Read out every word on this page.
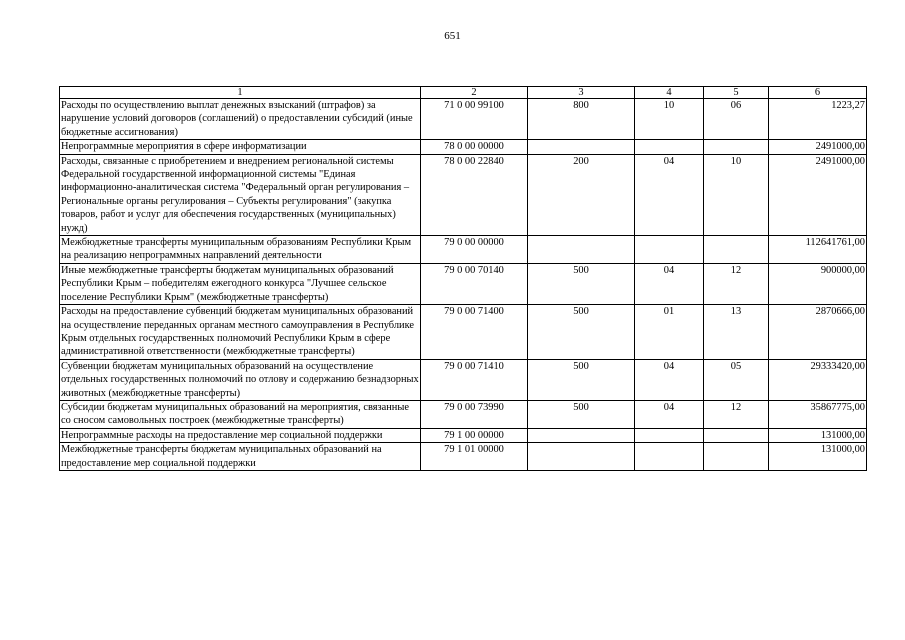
651
1	2	3	4	5	6
Расходы по осуществлению выплат денежных взысканий (штрафов) за нарушение условий договоров (соглашений) о предоставлении субсидий (иные бюджетные ассигнования)	71 0 00 99100	800	10	06	1223,27
Непрограммные мероприятия в сфере информатизации	78 0 00 00000				2491000,00
Расходы, связанные с приобретением и внедрением региональной системы Федеральной государственной информационной системы "Единая информационно-аналитическая система "Федеральный орган регулирования – Региональные органы регулирования – Субъекты регулирования" (закупка товаров, работ и услуг для обеспечения государственных (муниципальных) нужд)	78 0 00 22840	200	04	10	2491000,00
Межбюджетные трансферты муниципальным образованиям Республики Крым на реализацию непрограммных направлений деятельности	79 0 00 00000				112641761,00
Иные межбюджетные трансферты бюджетам муниципальных образований Республики Крым – победителям ежегодного конкурса "Лучшее сельское поселение Республики Крым" (межбюджетные трансферты)	79 0 00 70140	500	04	12	900000,00
Расходы на предоставление субвенций бюджетам муниципальных образований на осуществление переданных органам местного самоуправления в Республике Крым отдельных государственных полномочий Республики Крым в сфере административной ответственности (межбюджетные трансферты)	79 0 00 71400	500	01	13	2870666,00
Субвенции бюджетам муниципальных образований на осуществление отдельных государственных полномочий по отлову и содержанию безнадзорных животных (межбюджетные трансферты)	79 0 00 71410	500	04	05	29333420,00
Субсидии бюджетам муниципальных образований на мероприятия, связанные со сносом самовольных построек (межбюджетные трансферты)	79 0 00 73990	500	04	12	35867775,00
Непрограммные расходы на предоставление мер социальной поддержки	79 1 00 00000				131000,00
Межбюджетные трансферты бюджетам муниципальных образований на предоставление мер социальной поддержки	79 1 01 00000				131000,00
